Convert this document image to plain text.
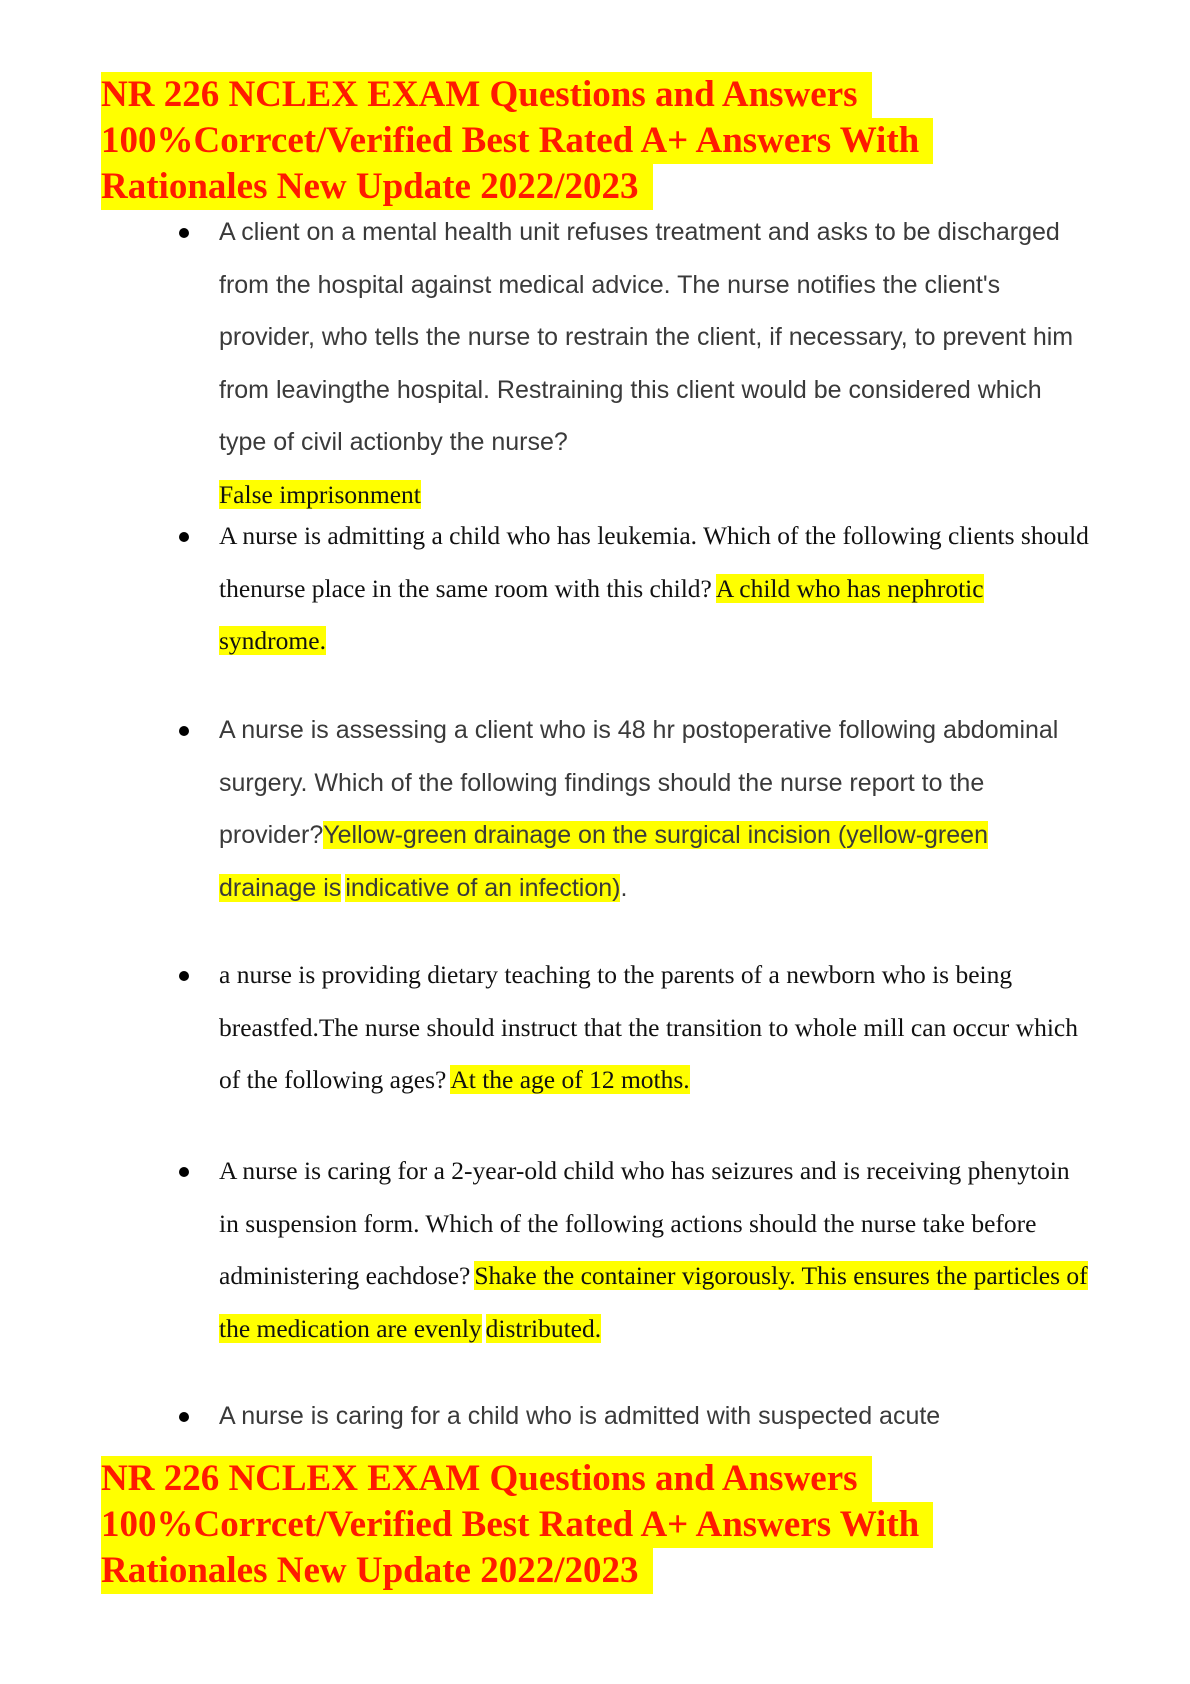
NR 226 NCLEX EXAM Questions and Answers
100%Corrcet/Verified Best Rated A+ Answers With
Rationales New Update 2022/2023
A client on a mental health unit refuses treatment and asks to be discharged from the hospital against medical advice. The nurse notifies the client's provider, who tells the nurse to restrain the client, if necessary, to prevent him from leavingthe hospital. Restraining this client would be considered which type of civil actionby the nurse?
False imprisonment
A nurse is admitting a child who has leukemia. Which of the following clients should thenurse place in the same room with this child? A child who has nephrotic syndrome.
A nurse is assessing a client who is 48 hr postoperative following abdominal surgery. Which of the following findings should the nurse report to the provider?Yellow-green drainage on the surgical incision (yellow-green drainage is indicative of an infection).
a nurse is providing dietary teaching to the parents of a newborn who is being breastfed.The nurse should instruct that the transition to whole mill can occur which of the following ages? At the age of 12 moths.
A nurse is caring for a 2-year-old child who has seizures and is receiving phenytoin in suspension form. Which of the following actions should the nurse take before administering eachdose? Shake the container vigorously. This ensures the particles of the medication are evenly distributed.
A nurse is caring for a child who is admitted with suspected acute
NR 226 NCLEX EXAM Questions and Answers
100%Corrcet/Verified Best Rated A+ Answers With
Rationales New Update 2022/2023
